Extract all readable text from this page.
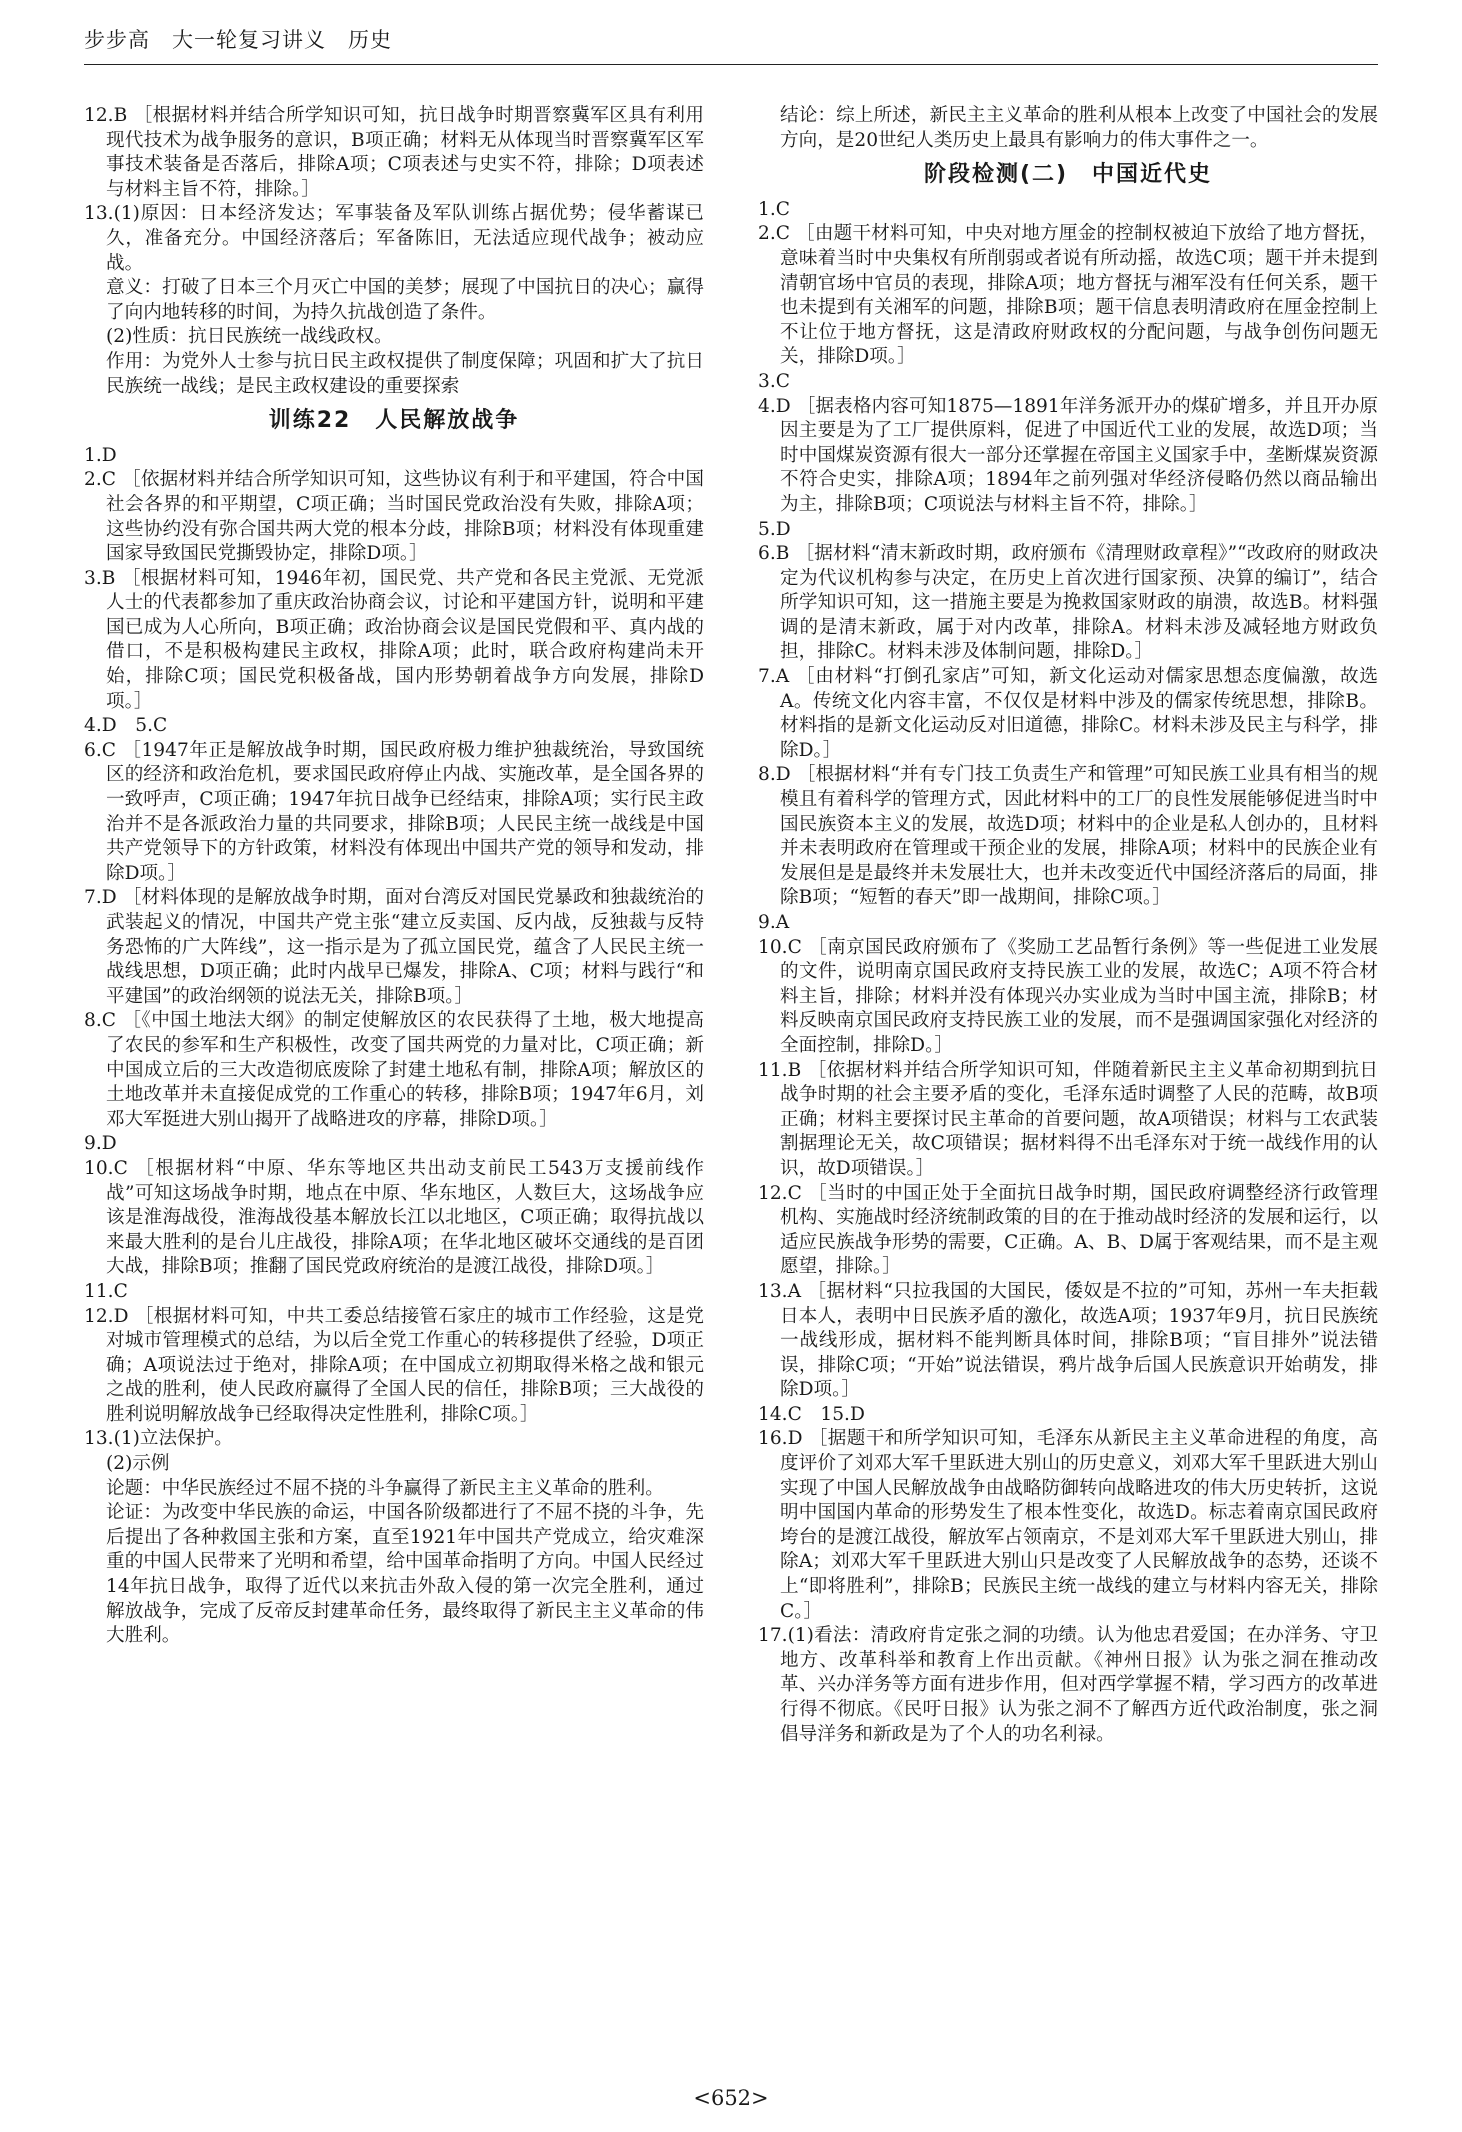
步步高　大一轮复习讲义　历史

12.B ［根据材料并结合所学知识可知，抗日战争时期晋察冀军区具有利用现代技术为战争服务的意识，B项正确；材料无从体现当时晋察冀军区军事技术装备是否落后，排除A项；C项表述与史实不符，排除；D项表述与材料主旨不符，排除。］

13.(1)原因：日本经济发达；军事装备及军队训练占据优势；侵华蓄谋已久，准备充分。中国经济落后；军备陈旧，无法适应现代战争；被动应战。

意义：打破了日本三个月灭亡中国的美梦；展现了中国抗日的决心；赢得了向内地转移的时间，为持久抗战创造了条件。

(2)性质：抗日民族统一战线政权。

作用：为党外人士参与抗日民主政权提供了制度保障；巩固和扩大了抗日民族统一战线；是民主政权建设的重要探索

训练22　人民解放战争

1.D

2.C ［依据材料并结合所学知识可知，这些协议有利于和平建国，符合中国社会各界的和平期望，C项正确；当时国民党政治没有失败，排除A项；这些协约没有弥合国共两大党的根本分歧，排除B项；材料没有体现重建国家导致国民党撕毁协定，排除D项。］

3.B ［根据材料可知，1946年初，国民党、共产党和各民主党派、无党派人士的代表都参加了重庆政治协商会议，讨论和平建国方针，说明和平建国已成为人心所向，B项正确；政治协商会议是国民党假和平、真内战的借口，不是积极构建民主政权，排除A项；此时，联合政府构建尚未开始，排除C项；国民党积极备战，国内形势朝着战争方向发展，排除D项。］

4.D　5.C

6.C ［1947年正是解放战争时期，国民政府极力维护独裁统治，导致国统区的经济和政治危机，要求国民政府停止内战、实施改革，是全国各界的一致呼声，C项正确；1947年抗日战争已经结束，排除A项；实行民主政治并不是各派政治力量的共同要求，排除B项；人民民主统一战线是中国共产党领导下的方针政策，材料没有体现出中国共产党的领导和发动，排除D项。］

7.D ［材料体现的是解放战争时期，面对台湾反对国民党暴政和独裁统治的武装起义的情况，中国共产党主张“建立反卖国、反内战，反独裁与反特务恐怖的广大阵线”，这一指示是为了孤立国民党，蕴含了人民民主统一战线思想，D项正确；此时内战早已爆发，排除A、C项；材料与践行“和平建国”的政治纲领的说法无关，排除B项。］

8.C ［《中国土地法大纲》的制定使解放区的农民获得了土地，极大地提高了农民的参军和生产积极性，改变了国共两党的力量对比，C项正确；新中国成立后的三大改造彻底废除了封建土地私有制，排除A项；解放区的土地改革并未直接促成党的工作重心的转移，排除B项；1947年6月，刘邓大军挺进大别山揭开了战略进攻的序幕，排除D项。］

9.D

10.C ［根据材料“中原、华东等地区共出动支前民工543万支援前线作战”可知这场战争时期，地点在中原、华东地区，人数巨大，这场战争应该是淮海战役，淮海战役基本解放长江以北地区，C项正确；取得抗战以来最大胜利的是台儿庄战役，排除A项；在华北地区破坏交通线的是百团大战，排除B项；推翻了国民党政府统治的是渡江战役，排除D项。］

11.C

12.D ［根据材料可知，中共工委总结接管石家庄的城市工作经验，这是党对城市管理模式的总结，为以后全党工作重心的转移提供了经验，D项正确；A项说法过于绝对，排除A项；在中国成立初期取得米格之战和银元之战的胜利，使人民政府赢得了全国人民的信任，排除B项；三大战役的胜利说明解放战争已经取得决定性胜利，排除C项。］

13.(1)立法保护。

(2)示例

论题：中华民族经过不屈不挠的斗争赢得了新民主主义革命的胜利。

论证：为改变中华民族的命运，中国各阶级都进行了不屈不挠的斗争，先后提出了各种救国主张和方案，直至1921年中国共产党成立，给灾难深重的中国人民带来了光明和希望，给中国革命指明了方向。中国人民经过14年抗日战争，取得了近代以来抗击外敌入侵的第一次完全胜利，通过解放战争，完成了反帝反封建革命任务，最终取得了新民主主义革命的伟大胜利。

结论：综上所述，新民主主义革命的胜利从根本上改变了中国社会的发展方向，是20世纪人类历史上最具有影响力的伟大事件之一。

阶段检测(二)　中国近代史

1.C

2.C ［由题干材料可知，中央对地方厘金的控制权被迫下放给了地方督抚，意味着当时中央集权有所削弱或者说有所动摇，故选C项；题干并未提到清朝官场中官员的表现，排除A项；地方督抚与湘军没有任何关系，题干也未提到有关湘军的问题，排除B项；题干信息表明清政府在厘金控制上不让位于地方督抚，这是清政府财政权的分配问题，与战争创伤问题无关，排除D项。］

3.C

4.D ［据表格内容可知1875—1891年洋务派开办的煤矿增多，并且开办原因主要是为了工厂提供原料，促进了中国近代工业的发展，故选D项；当时中国煤炭资源有很大一部分还掌握在帝国主义国家手中，垄断煤炭资源不符合史实，排除A项；1894年之前列强对华经济侵略仍然以商品输出为主，排除B项；C项说法与材料主旨不符，排除。］

5.D

6.B ［据材料“清末新政时期，政府颁布《清理财政章程》”“改政府的财政决定为代议机构参与决定，在历史上首次进行国家预、决算的编订”，结合所学知识可知，这一措施主要是为挽救国家财政的崩溃，故选B。材料强调的是清末新政，属于对内改革，排除A。材料未涉及减轻地方财政负担，排除C。材料未涉及体制问题，排除D。］

7.A ［由材料“打倒孔家店”可知，新文化运动对儒家思想态度偏激，故选A。传统文化内容丰富，不仅仅是材料中涉及的儒家传统思想，排除B。材料指的是新文化运动反对旧道德，排除C。材料未涉及民主与科学，排除D。］

8.D ［根据材料“并有专门技工负责生产和管理”可知民族工业具有相当的规模且有着科学的管理方式，因此材料中的工厂的良性发展能够促进当时中国民族资本主义的发展，故选D项；材料中的企业是私人创办的，且材料并未表明政府在管理或干预企业的发展，排除A项；材料中的民族企业有发展但是是最终并未发展壮大，也并未改变近代中国经济落后的局面，排除B项；“短暂的春天”即一战期间，排除C项。］

9.A

10.C ［南京国民政府颁布了《奖励工艺品暂行条例》等一些促进工业发展的文件，说明南京国民政府支持民族工业的发展，故选C；A项不符合材料主旨，排除；材料并没有体现兴办实业成为当时中国主流，排除B；材料反映南京国民政府支持民族工业的发展，而不是强调国家强化对经济的全面控制，排除D。］

11.B ［依据材料并结合所学知识可知，伴随着新民主主义革命初期到抗日战争时期的社会主要矛盾的变化，毛泽东适时调整了人民的范畴，故B项正确；材料主要探讨民主革命的首要问题，故A项错误；材料与工农武装割据理论无关，故C项错误；据材料得不出毛泽东对于统一战线作用的认识，故D项错误。］

12.C ［当时的中国正处于全面抗日战争时期，国民政府调整经济行政管理机构、实施战时经济统制政策的目的在于推动战时经济的发展和运行，以适应民族战争形势的需要，C正确。A、B、D属于客观结果，而不是主观愿望，排除。］

13.A ［据材料“只拉我国的大国民，倭奴是不拉的”可知，苏州一车夫拒载日本人，表明中日民族矛盾的激化，故选A项；1937年9月，抗日民族统一战线形成，据材料不能判断具体时间，排除B项；“盲目排外”说法错误，排除C项；“开始”说法错误，鸦片战争后国人民族意识开始萌发，排除D项。］

14.C　15.D

16.D ［据题干和所学知识可知，毛泽东从新民主主义革命进程的角度，高度评价了刘邓大军千里跃进大别山的历史意义，刘邓大军千里跃进大别山实现了中国人民解放战争由战略防御转向战略进攻的伟大历史转折，这说明中国国内革命的形势发生了根本性变化，故选D。标志着南京国民政府垮台的是渡江战役，解放军占领南京，不是刘邓大军千里跃进大别山，排除A；刘邓大军千里跃进大别山只是改变了人民解放战争的态势，还谈不上“即将胜利”，排除B；民族民主统一战线的建立与材料内容无关，排除C。］

17.(1)看法：清政府肯定张之洞的功绩。认为他忠君爱国；在办洋务、守卫地方、改革科举和教育上作出贡献。《神州日报》认为张之洞在推动改革、兴办洋务等方面有进步作用，但对西学掌握不精，学习西方的改革进行得不彻底。《民吁日报》认为张之洞不了解西方近代政治制度，张之洞倡导洋务和新政是为了个人的功名利禄。

<652>
